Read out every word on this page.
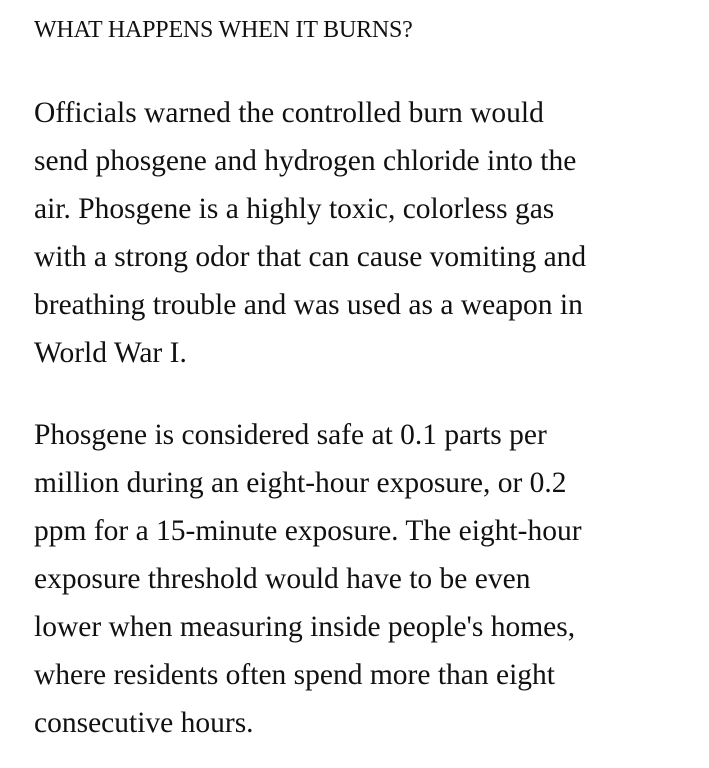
WHAT HAPPENS WHEN IT BURNS?

Officials warned the controlled burn would
send phosgene and hydrogen chloride into the
air. Phosgene is a highly toxic, colorless gas
with a strong odor that can cause vomiting and
breathing trouble and was used as a weapon in
World War I.

Phosgene is considered safe at 0.1 parts per
million during an eight-hour exposure, or 0.2
ppm for a 15-minute exposure. The eight-hour
exposure threshold would have to be even
lower when measuring inside people's homes,
where residents often spend more than eight
consecutive hours.
